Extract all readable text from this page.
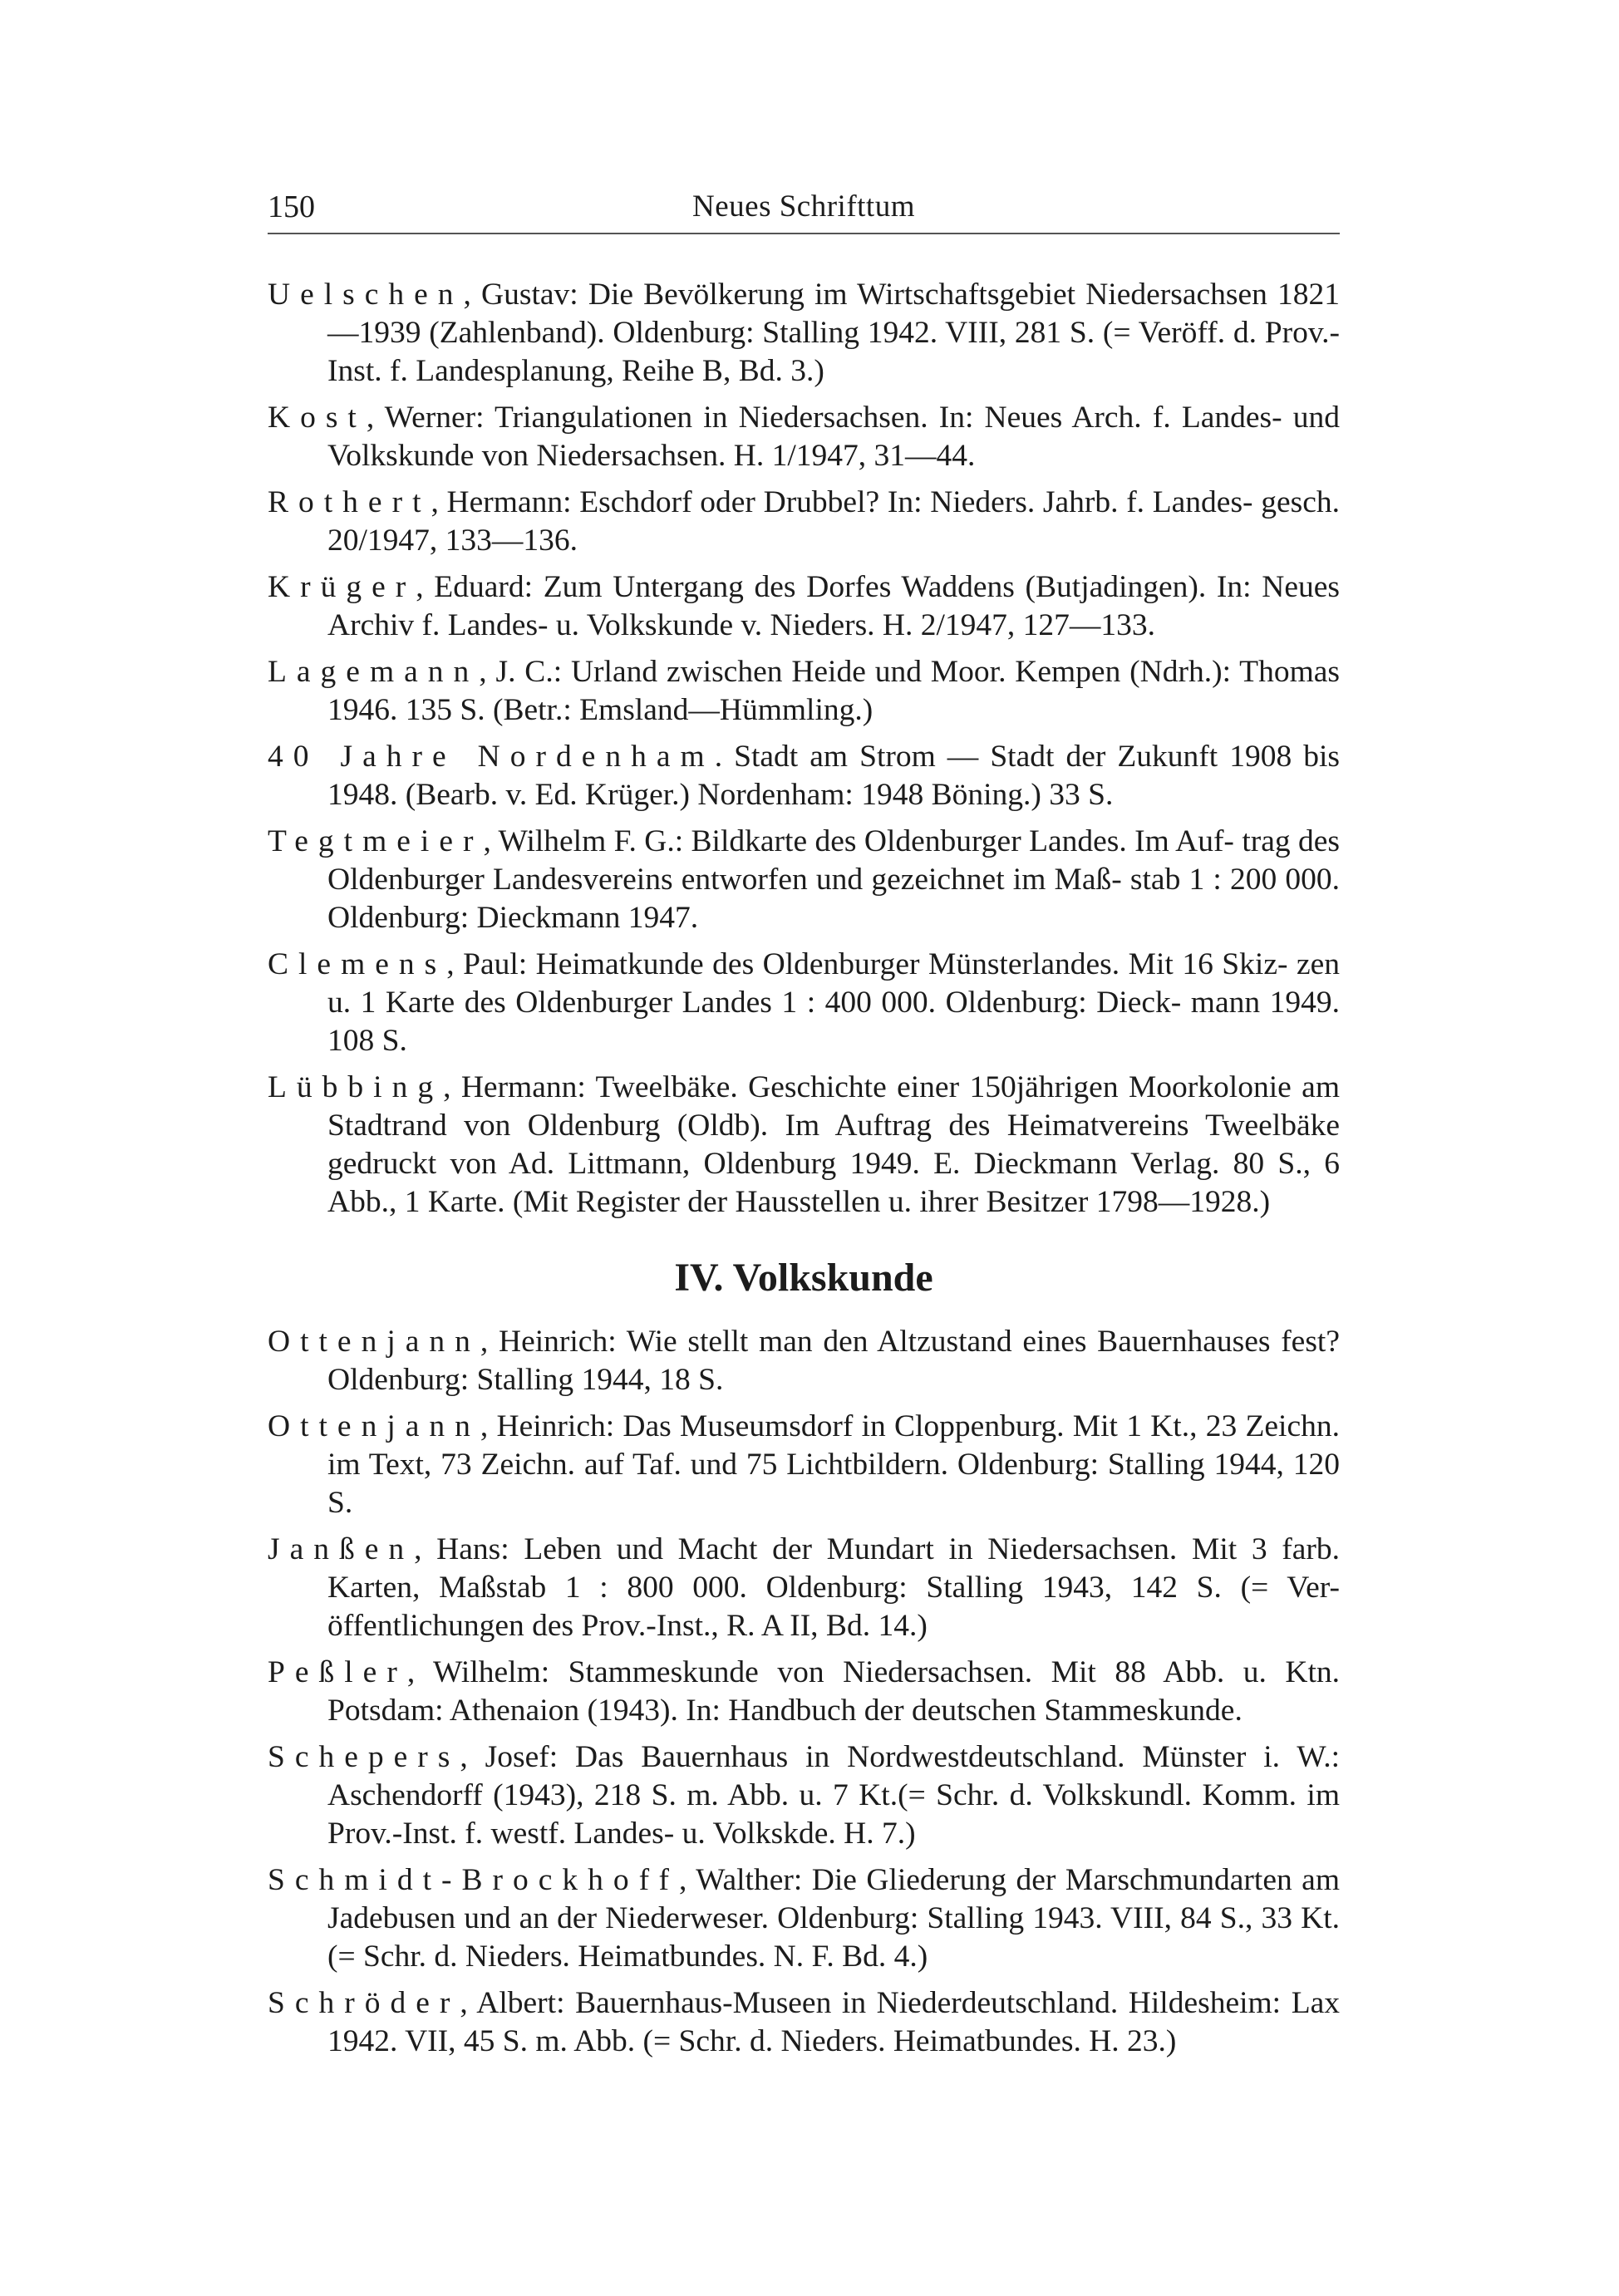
150	Neues Schrifttum

Uelschen, Gustav: Die Bevölkerung im Wirtschaftsgebiet Niedersachsen 1821—1939 (Zahlenband). Oldenburg: Stalling 1942. VIII, 281 S. (= Veröff. d. Prov.-Inst. f. Landesplanung, Reihe B, Bd. 3.)

Kost, Werner: Triangulationen in Niedersachsen. In: Neues Arch. f. Landes- und Volkskunde von Niedersachsen. H. 1/1947, 31—44.

Rothert, Hermann: Eschdorf oder Drubbel? In: Nieders. Jahrb. f. Landes- gesch. 20/1947, 133—136.

Krüger, Eduard: Zum Untergang des Dorfes Waddens (Butjadingen). In: Neues Archiv f. Landes- u. Volkskunde v. Nieders. H. 2/1947, 127—133.

Lagemann, J. C.: Urland zwischen Heide und Moor. Kempen (Ndrh.): Thomas 1946. 135 S. (Betr.: Emsland—Hümmling.)

40 Jahre Nordenham. Stadt am Strom — Stadt der Zukunft 1908 bis 1948. (Bearb. v. Ed. Krüger.) Nordenham: 1948 Böning.) 33 S.

Tegtmeier, Wilhelm F. G.: Bildkarte des Oldenburger Landes. Im Auf- trag des Oldenburger Landesvereins entworfen und gezeichnet im Maß- stab 1 : 200 000. Oldenburg: Dieckmann 1947.

Clemens, Paul: Heimatkunde des Oldenburger Münsterlandes. Mit 16 Skiz- zen u. 1 Karte des Oldenburger Landes 1 : 400 000. Oldenburg: Dieck- mann 1949. 108 S.

Lübbing, Hermann: Tweelbäke. Geschichte einer 150jährigen Moorkolonie am Stadtrand von Oldenburg (Oldb). Im Auftrag des Heimatvereins Tweelbäke gedruckt von Ad. Littmann, Oldenburg 1949. E. Dieckmann Verlag. 80 S., 6 Abb., 1 Karte. (Mit Register der Hausstellen u. ihrer Besitzer 1798—1928.)

IV. Volkskunde

Ottenjann, Heinrich: Wie stellt man den Altzustand eines Bauernhauses fest? Oldenburg: Stalling 1944, 18 S.

Ottenjann, Heinrich: Das Museumsdorf in Cloppenburg. Mit 1 Kt., 23 Zeichn. im Text, 73 Zeichn. auf Taf. und 75 Lichtbildern. Oldenburg: Stalling 1944, 120 S.

Janßen, Hans: Leben und Macht der Mundart in Niedersachsen. Mit 3 farb. Karten, Maßstab 1 : 800 000. Oldenburg: Stalling 1943, 142 S. (= Ver- öffentlichungen des Prov.-Inst., R. A II, Bd. 14.)

Peßler, Wilhelm: Stammeskunde von Niedersachsen. Mit 88 Abb. u. Ktn. Potsdam: Athenaion (1943). In: Handbuch der deutschen Stammeskunde.

Schepers, Josef: Das Bauernhaus in Nordwestdeutschland. Münster i. W.: Aschendorff (1943), 218 S. m. Abb. u. 7 Kt.(= Schr. d. Volkskundl. Komm. im Prov.-Inst. f. westf. Landes- u. Volkskde. H. 7.)

Schmidt-Brockhoff, Walther: Die Gliederung der Marschmundarten am Jadebusen und an der Niederweser. Oldenburg: Stalling 1943. VIII, 84 S., 33 Kt. (= Schr. d. Nieders. Heimatbundes. N. F. Bd. 4.)

Schröder, Albert: Bauernhaus-Museen in Niederdeutschland. Hildesheim: Lax 1942. VII, 45 S. m. Abb. (= Schr. d. Nieders. Heimatbundes. H. 23.)
